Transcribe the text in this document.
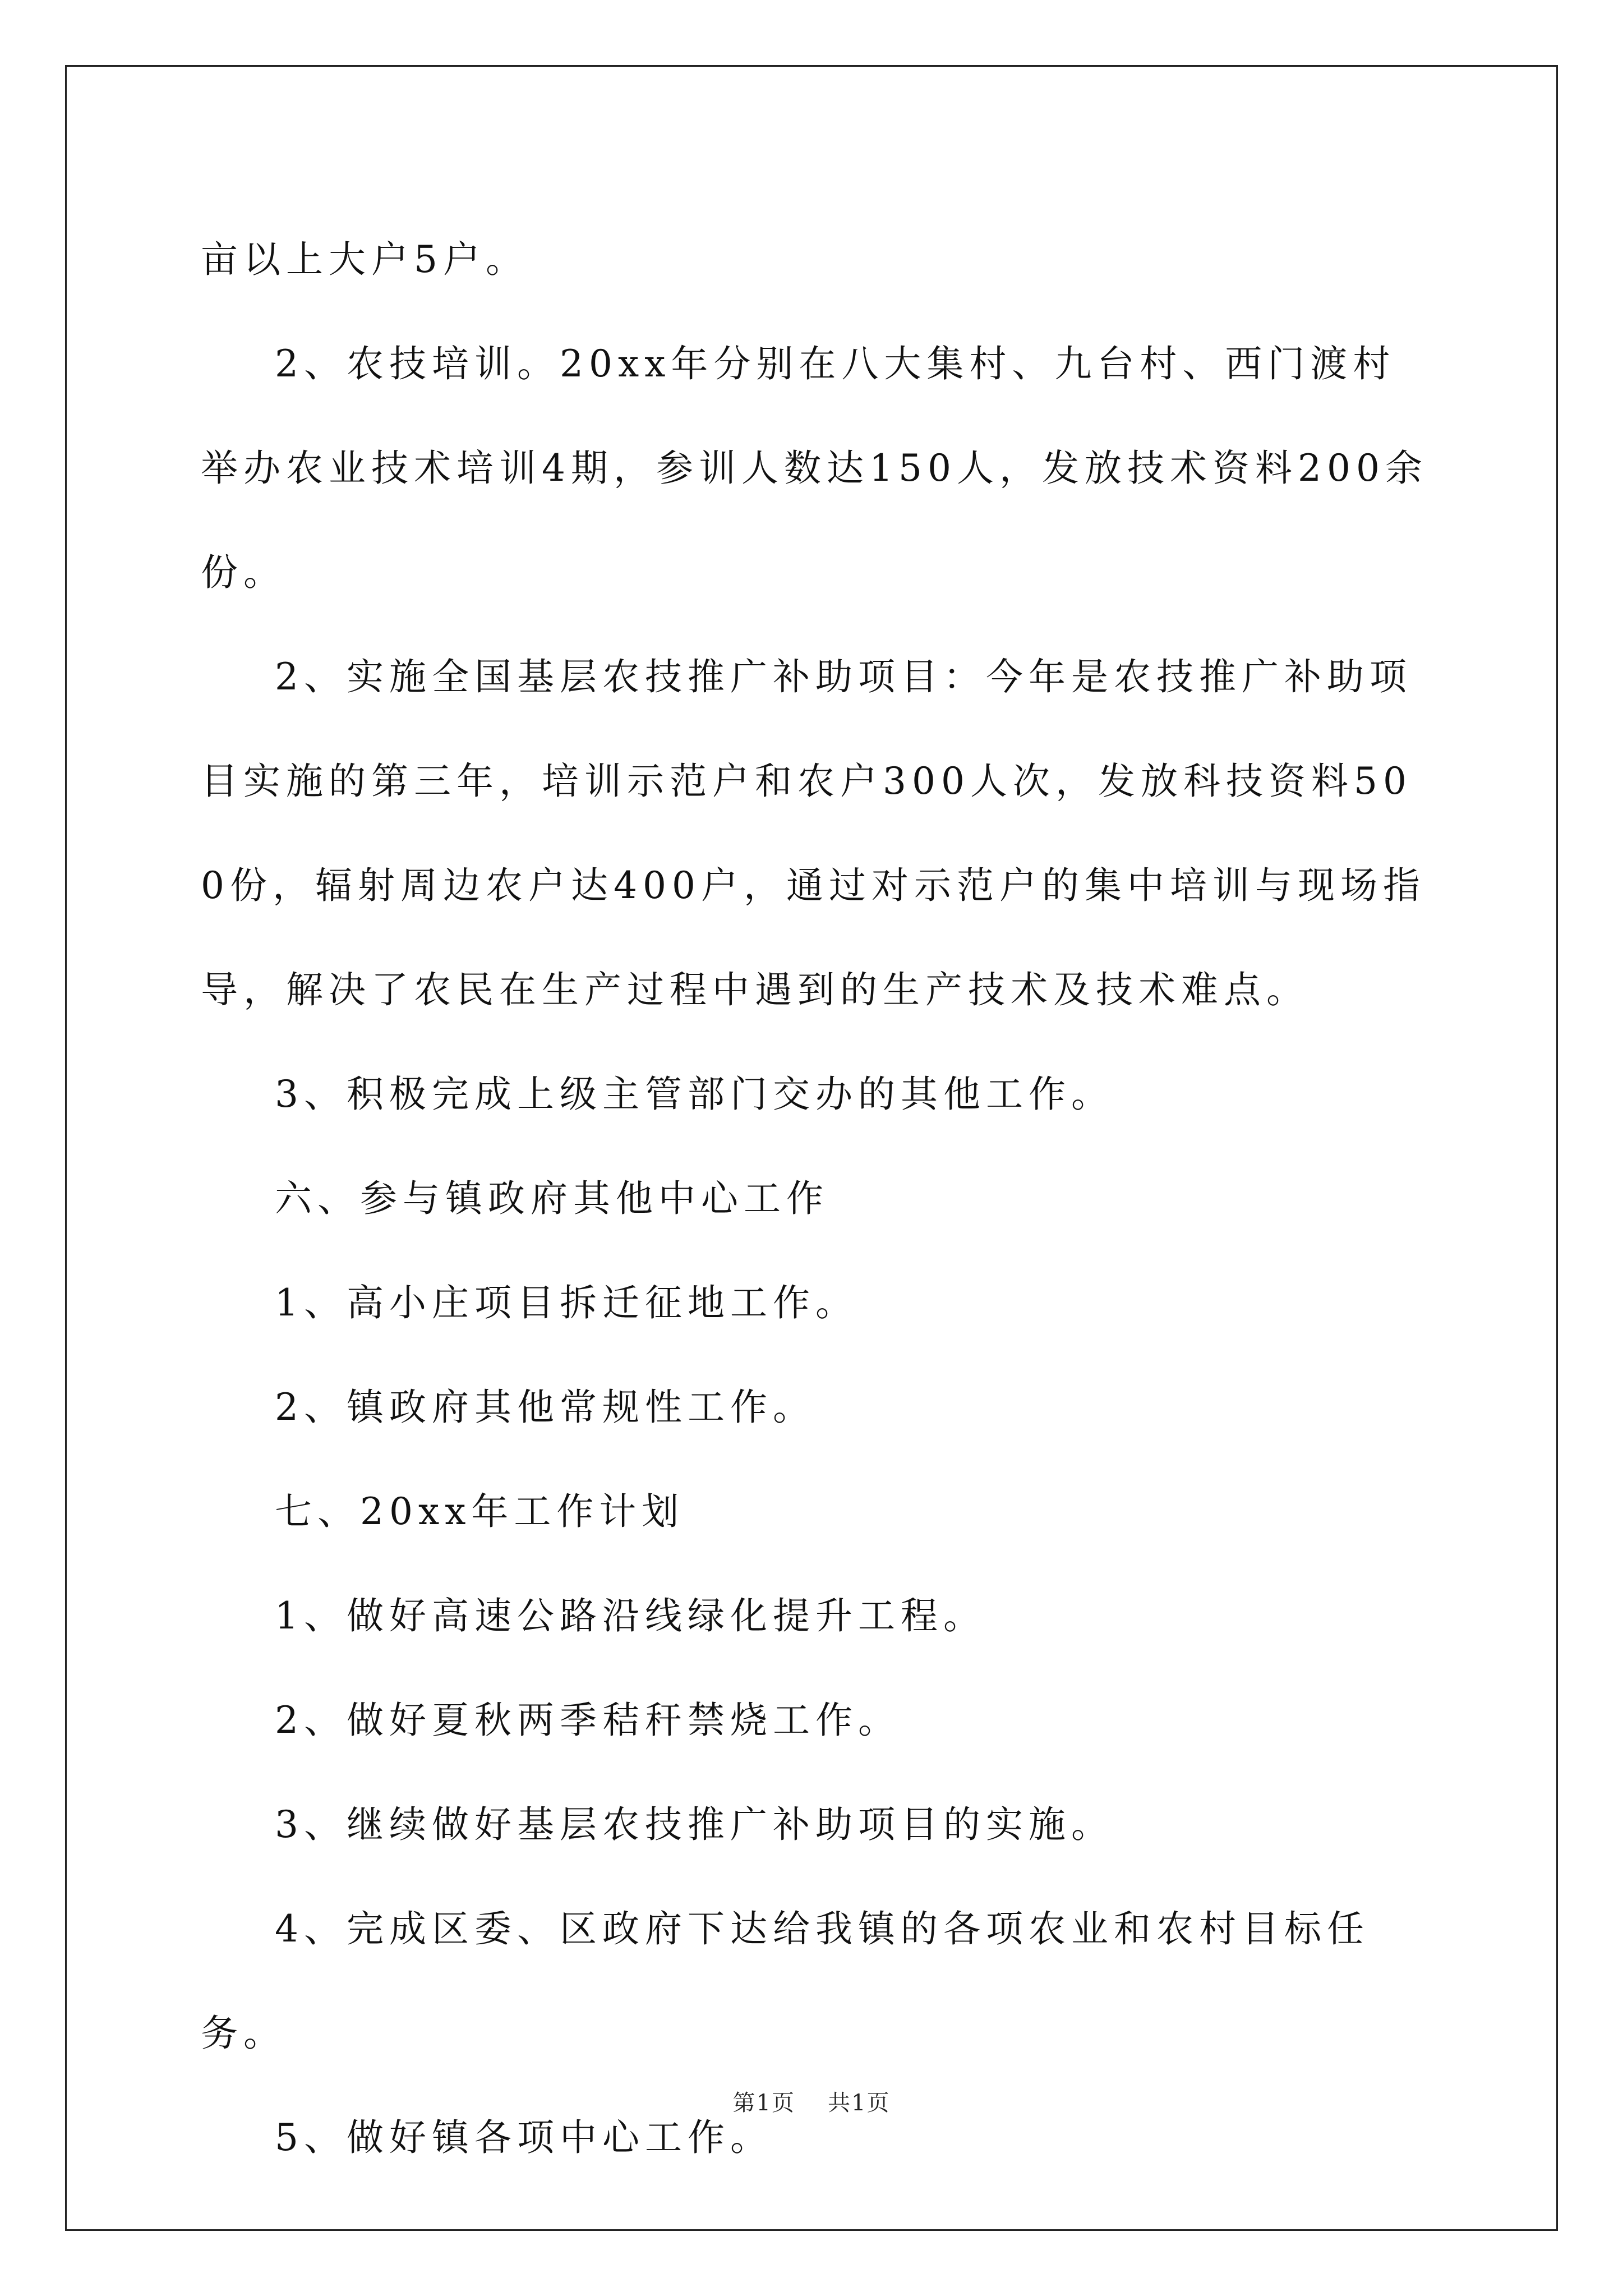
亩以上大户5户。

2、农技培训。20xx年分别在八大集村、九台村、西门渡村举办农业技术培训4期，参训人数达150人，发放技术资料200余份。

2、实施全国基层农技推广补助项目：今年是农技推广补助项目实施的第三年，培训示范户和农户300人次，发放科技资料500份，辐射周边农户达400户，通过对示范户的集中培训与现场指导，解决了农民在生产过程中遇到的生产技术及技术难点。

3、积极完成上级主管部门交办的其他工作。

六、参与镇政府其他中心工作

1、高小庄项目拆迁征地工作。

2、镇政府其他常规性工作。

七、20xx年工作计划

1、做好高速公路沿线绿化提升工程。

2、做好夏秋两季秸秆禁烧工作。

3、继续做好基层农技推广补助项目的实施。

4、完成区委、区政府下达给我镇的各项农业和农村目标任务。

5、做好镇各项中心工作。

第1页 共1页
